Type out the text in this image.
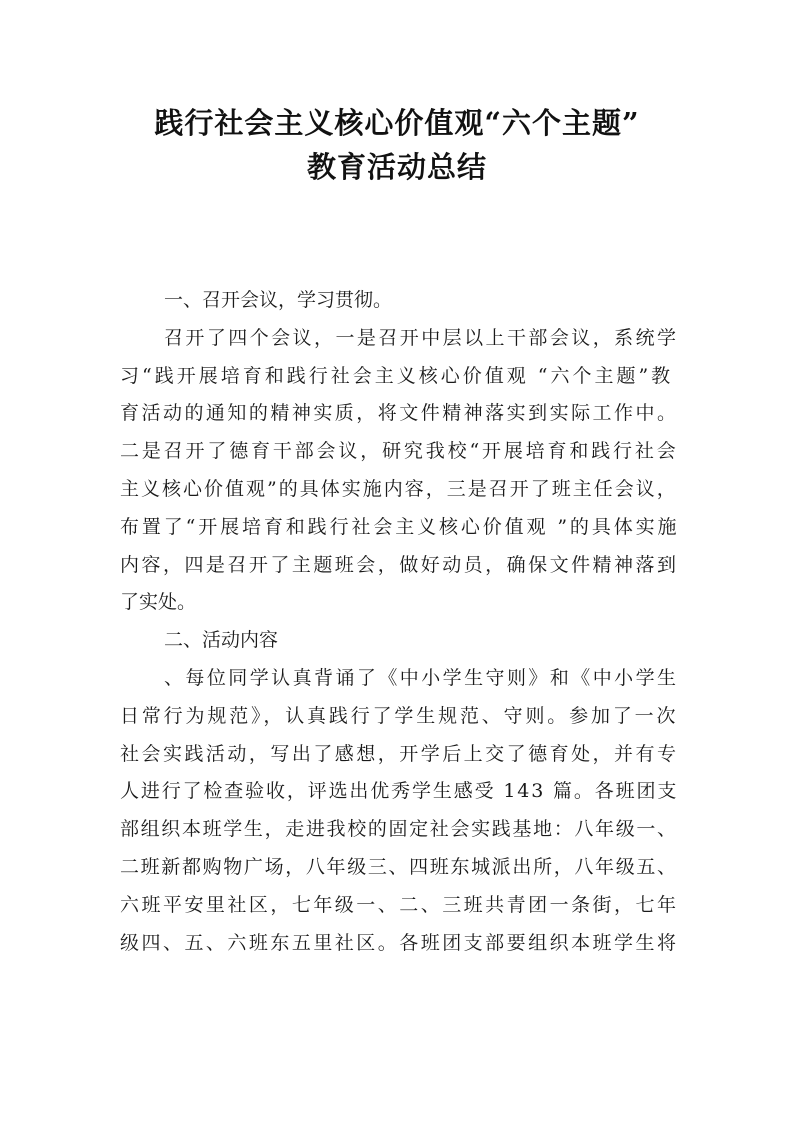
践行社会主义核心价值观“六个主题”
教育活动总结
一、召开会议，学习贯彻。
召开了四个会议，一是召开中层以上干部会议，系统学
习“践开展培育和践行社会主义核心价值观 “六个主题”教
育活动的通知的精神实质，将文件精神落实到实际工作中。
二是召开了德育干部会议，研究我校“开展培育和践行社会
主义核心价值观”的具体实施内容，三是召开了班主任会议，
布置了“开展培育和践行社会主义核心价值观 ”的具体实施
内容，四是召开了主题班会，做好动员，确保文件精神落到
了实处。
二、活动内容
、每位同学认真背诵了《中小学生守则》和《中小学生
日常行为规范》，认真践行了学生规范、守则。参加了一次
社会实践活动，写出了感想，开学后上交了德育处，并有专
人进行了检查验收，评选出优秀学生感受 143 篇。各班团支
部组织本班学生，走进我校的固定社会实践基地：八年级一、
二班新都购物广场，八年级三、四班东城派出所，八年级五、
六班平安里社区，七年级一、二、三班共青团一条街，七年
级四、五、六班东五里社区。各班团支部要组织本班学生将
